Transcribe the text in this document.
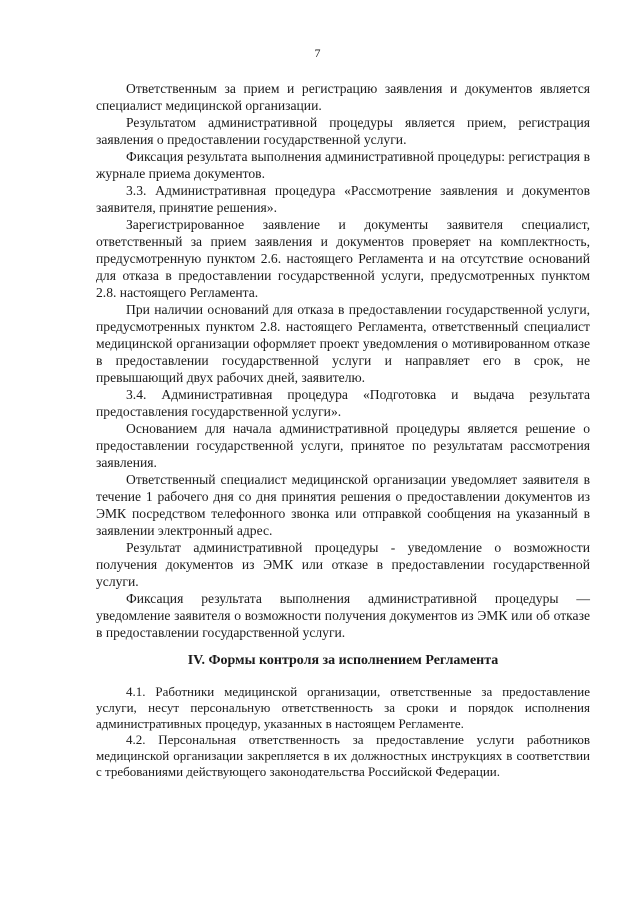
7

Ответственным за прием и регистрацию заявления и документов является специалист медицинской организации.

Результатом административной процедуры является прием, регистрация заявления о предоставлении государственной услуги.

Фиксация результата выполнения административной процедуры: регистрация в журнале приема документов.

3.3. Административная процедура «Рассмотрение заявления и документов заявителя, принятие решения».

Зарегистрированное заявление и документы заявителя специалист, ответственный за прием заявления и документов проверяет на комплектность, предусмотренную пунктом 2.6. настоящего Регламента и на отсутствие оснований для отказа в предоставлении государственной услуги, предусмотренных пунктом 2.8. настоящего Регламента.

При наличии оснований для отказа в предоставлении государственной услуги, предусмотренных пунктом 2.8. настоящего Регламента, ответственный специалист медицинской организации оформляет проект уведомления о мотивированном отказе в предоставлении государственной услуги и направляет его в срок, не превышающий двух рабочих дней, заявителю.

3.4. Административная процедура «Подготовка и выдача результата предоставления государственной услуги».

Основанием для начала административной процедуры является решение о предоставлении государственной услуги, принятое по результатам рассмотрения заявления.

Ответственный специалист медицинской организации уведомляет заявителя в течение 1 рабочего дня со дня принятия решения о предоставлении документов из ЭМК посредством телефонного звонка или отправкой сообщения на указанный в заявлении электронный адрес.

Результат административной процедуры - уведомление о возможности получения документов из ЭМК или отказе в предоставлении государственной услуги.

Фиксация результата выполнения административной процедуры — уведомление заявителя о возможности получения документов из ЭМК или об отказе в предоставлении государственной услуги.

IV. Формы контроля за исполнением Регламента

4.1. Работники медицинской организации, ответственные за предоставление услуги, несут персональную ответственность за сроки и порядок исполнения административных процедур, указанных в настоящем Регламенте.

4.2. Персональная ответственность за предоставление услуги работников медицинской организации закрепляется в их должностных инструкциях в соответствии с требованиями действующего законодательства Российской Федерации.
